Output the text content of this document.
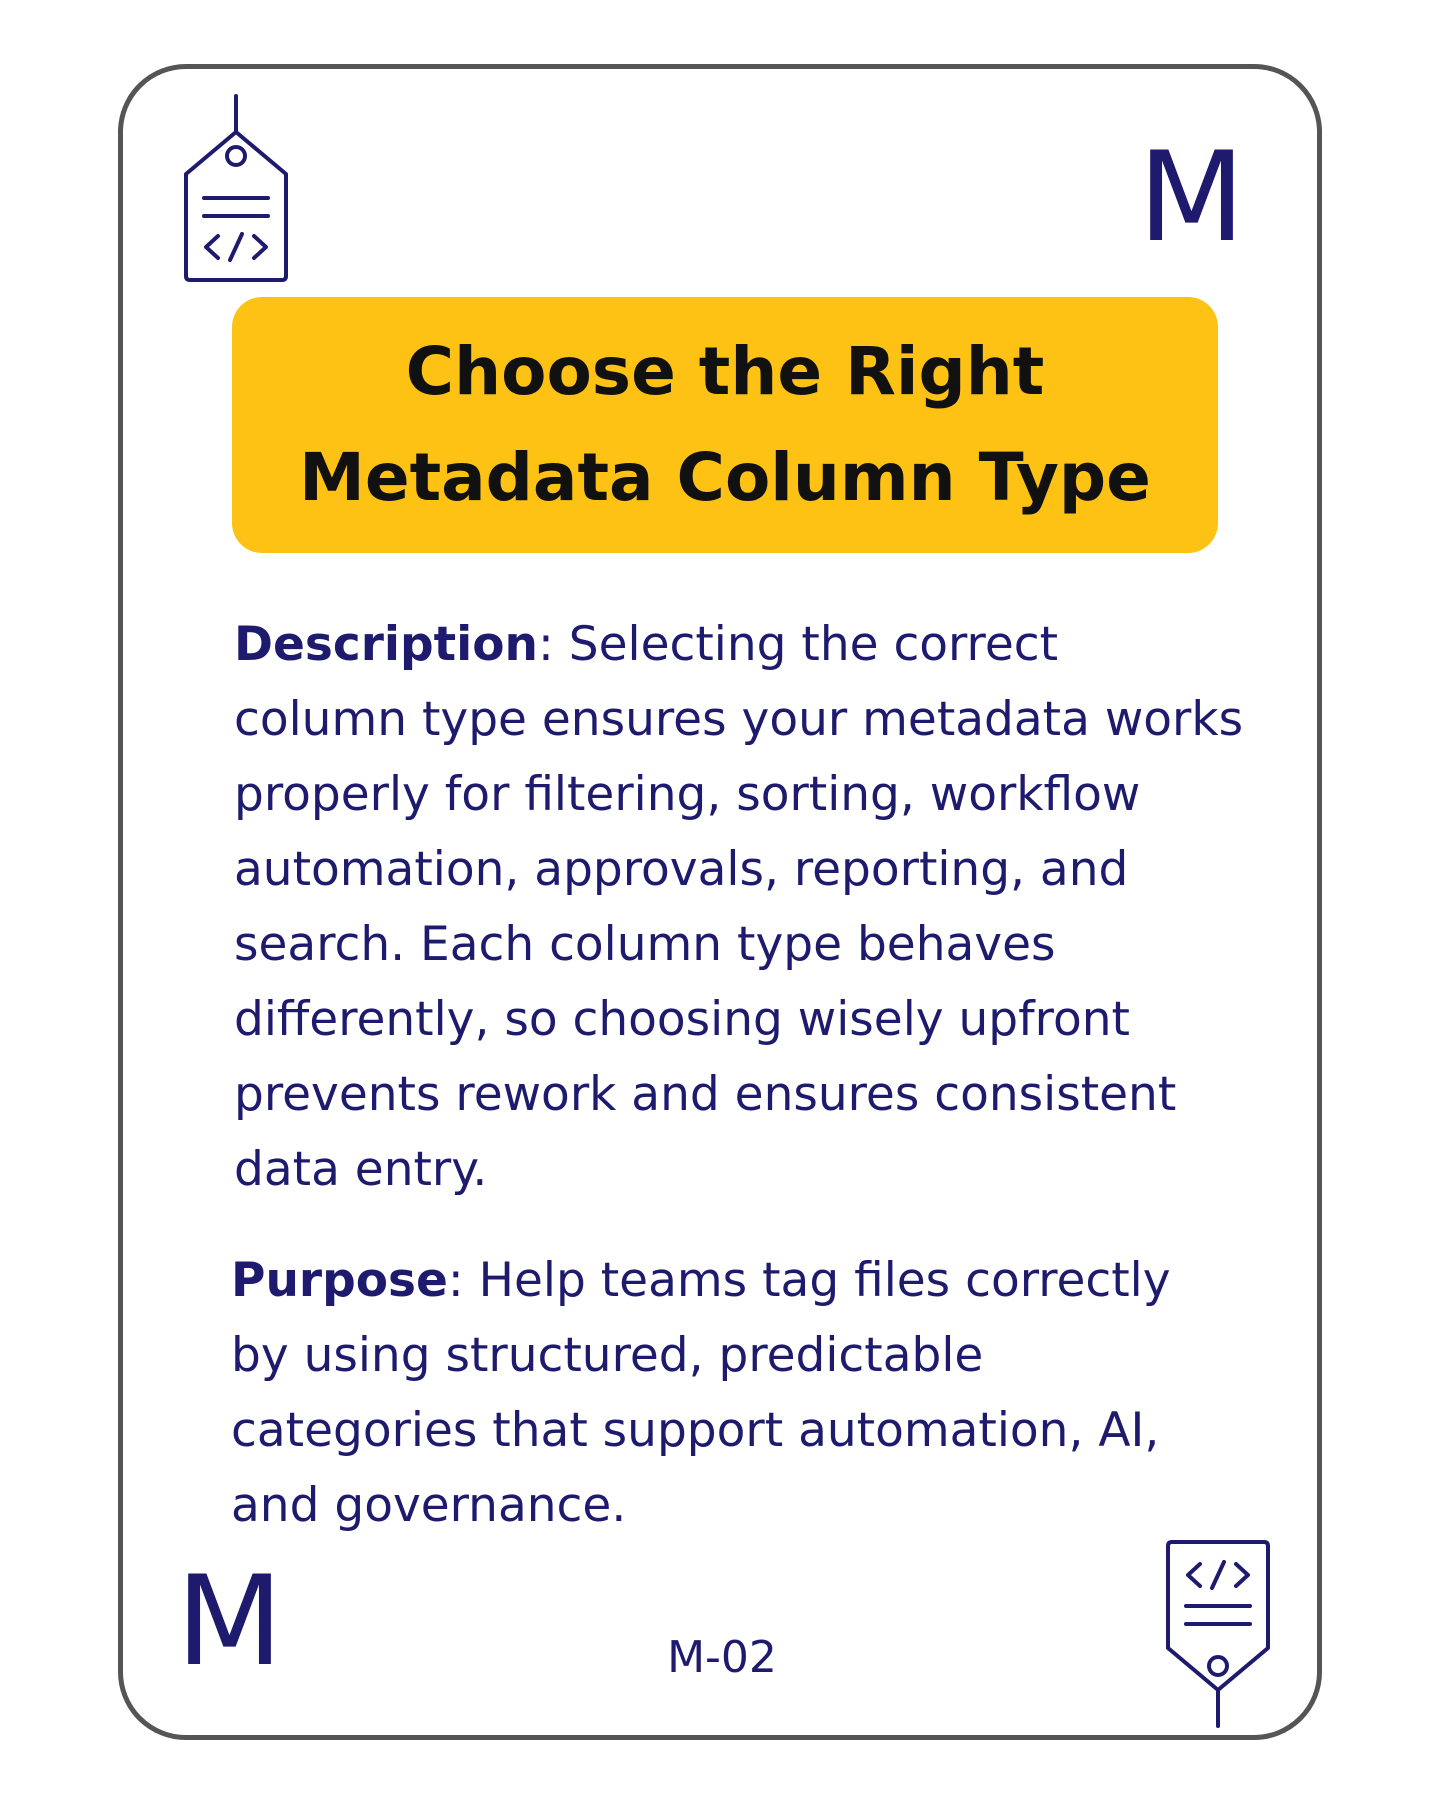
M
M
Choose the Right Metadata Column Type

Description: Selecting the correct column type ensures your metadata works properly for filtering, sorting, workflow automation, approvals, reporting, and search. Each column type behaves differently, so choosing wisely upfront prevents rework and ensures consistent data entry.

Purpose: Help teams tag files correctly by using structured, predictable categories that support automation, AI, and governance.

M-02
